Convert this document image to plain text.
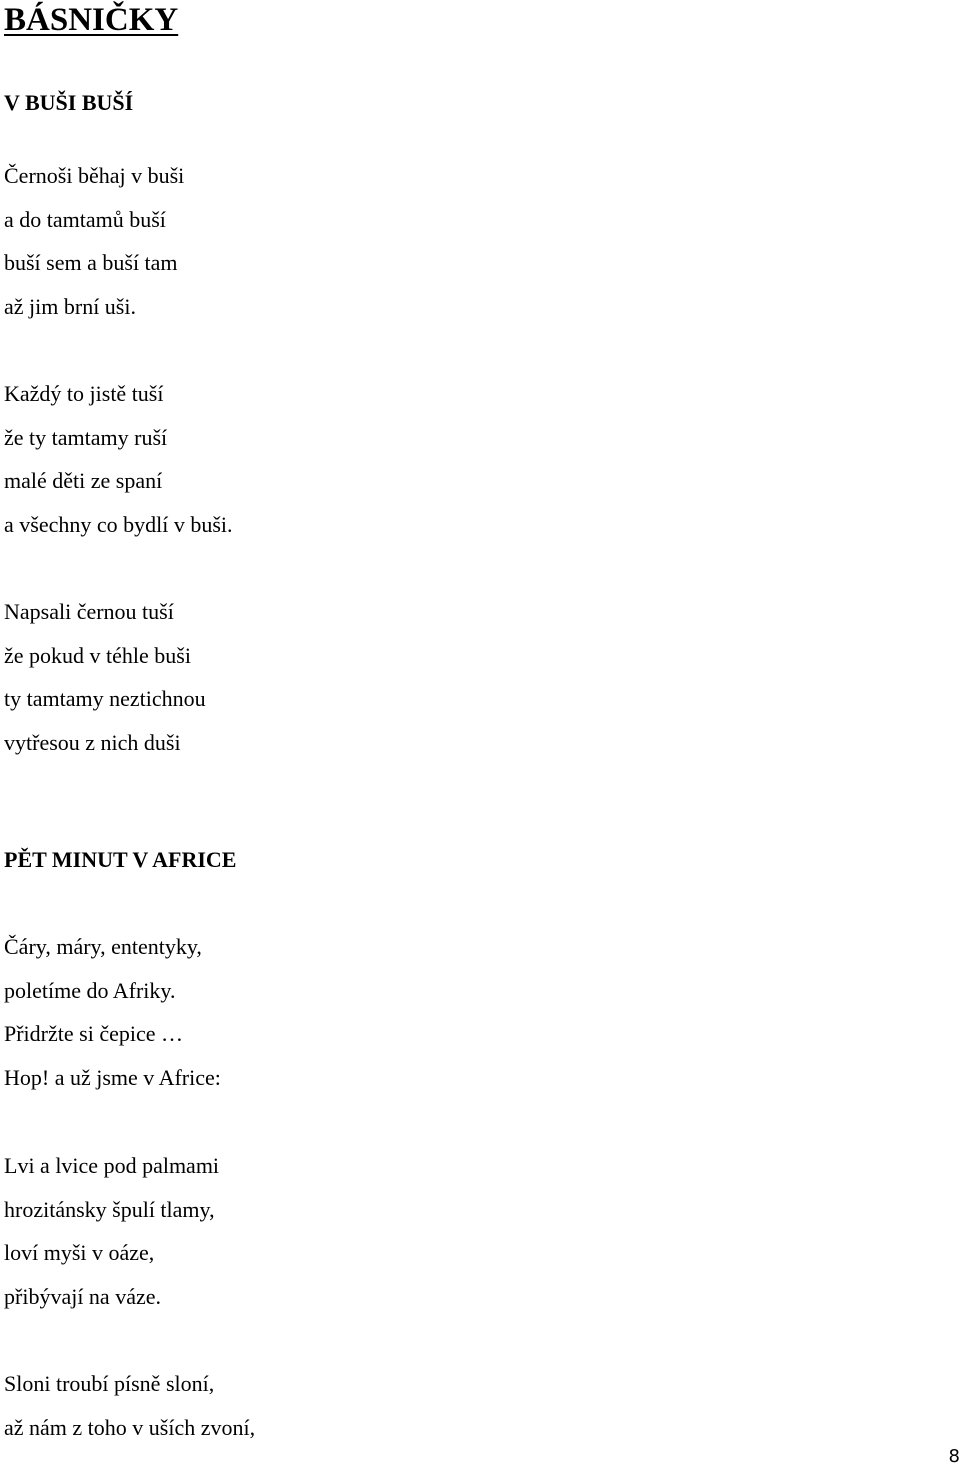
BÁSNIČKY
V BUŠI BUŠÍ
Černoši běhaj v buši
a do tamtamů buší
buší sem a buší tam
až jim brní uši.
Každý to jistě tuší
že ty tamtamy ruší
malé děti ze spaní
a všechny co bydlí v buši.
Napsali černou tuší
že pokud v téhle buši
ty tamtamy neztichnou
vytřesou z nich duši
PĚT MINUT V AFRICE
Čáry, máry, ententyky,
poletíme do Afriky.
Přidržte si čepice …
Hop! a už jsme v Africe:
Lvi a lvice pod palmami
hrozitánsky špulí tlamy,
loví myši v oáze,
přibývají na váze.
Sloni troubí písně sloní,
až nám z toho v uších zvoní,
8
